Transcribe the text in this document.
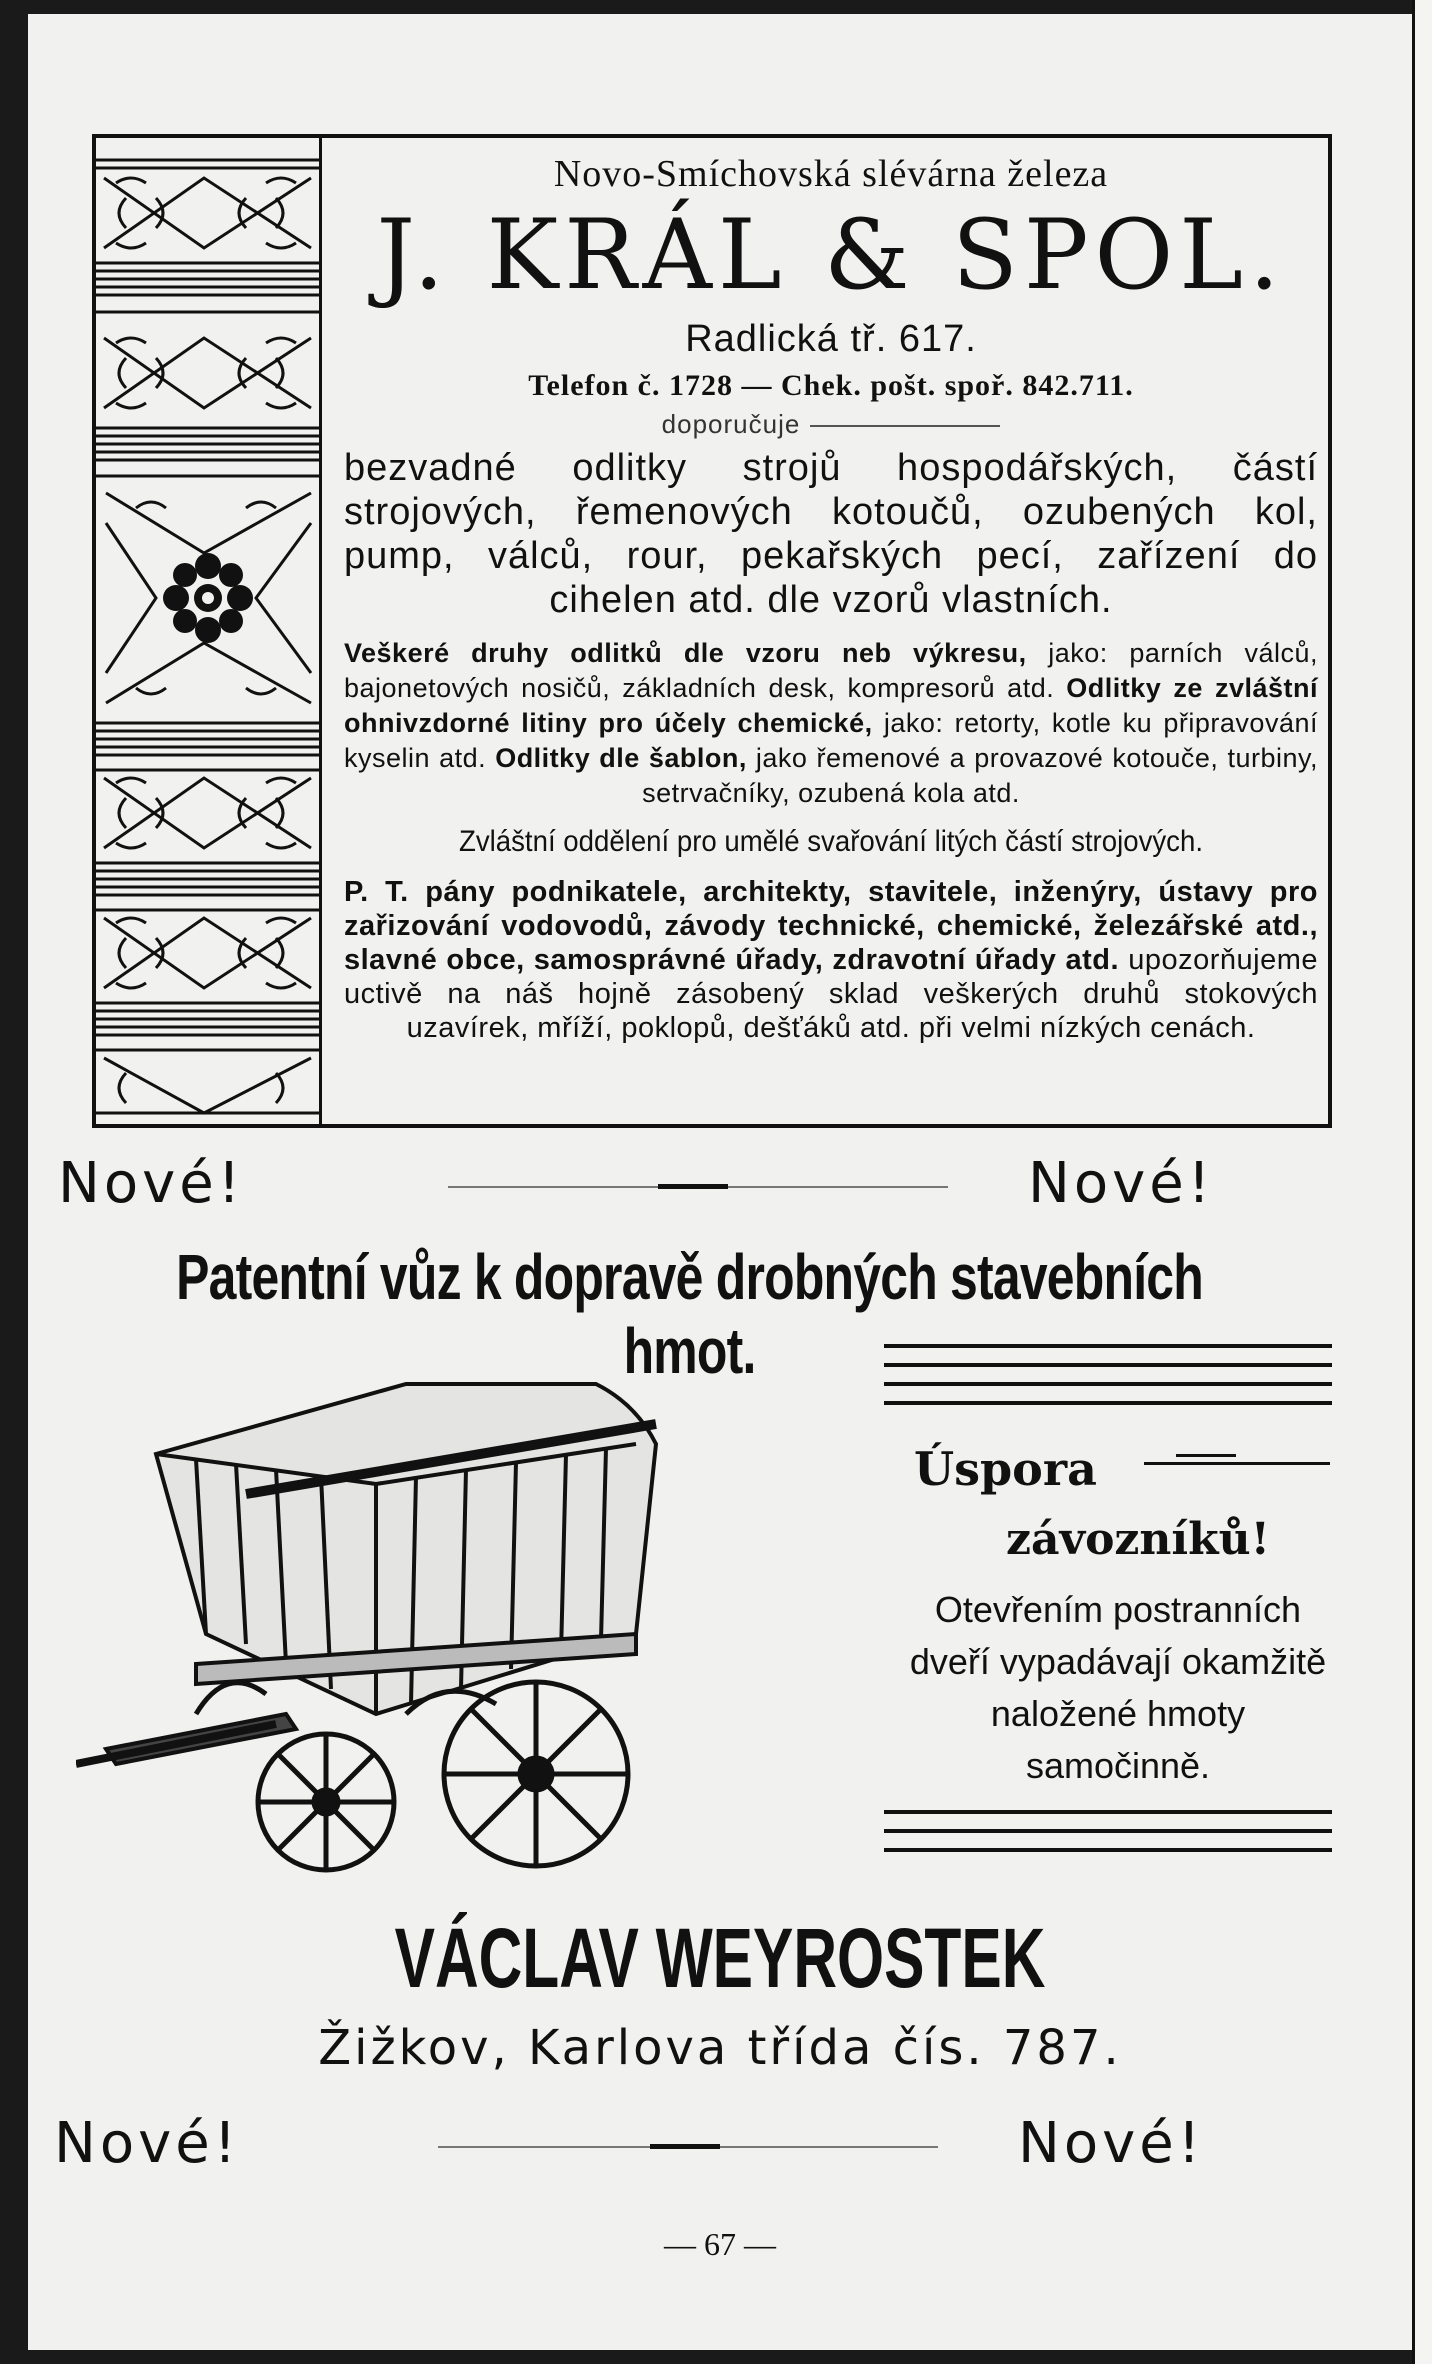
Novo-Smíchovská slévárna železa
J. KRÁL & SPOL.
Radlická tř. 617.
Telefon č. 1728 — Chek. pošt. spoř. 842.711.
doporučuje
bezvadné odlitky strojů hospodářských, částí strojových, řemenových kotoučů, ozubených kol, pump, válců, rour, pekařských pecí, zařízení do cihelen atd. dle vzorů vlastních.
Veškeré druhy odlitků dle vzoru neb výkresu, jako: parních válců, bajonetových nosičů, základních desk, kompresorů atd. Odlitky ze zvláštní ohnivzdorné litiny pro účely chemické, jako: retorty, kotle ku připravování kyselin atd. Odlitky dle šablon, jako řemenové a provazové kotouče, turbiny, setrvačníky, ozubená kola atd.
Zvláštní oddělení pro umělé svařování litých částí strojových.
P. T. pány podnikatele, architekty, stavitele, inženýry, ústavy pro zařizování vodovodů, závody technické, chemické, železářské atd., slavné obce, samosprávné úřady, zdravotní úřady atd. upozorňujeme uctivě na náš hojně zásobený sklad veškerých druhů stokových uzavírek, mříží, poklopů, dešťáků atd. při velmi nízkých cenách.
Nové!	Nové!
Patentní vůz k dopravě drobných stavebních hmot.
Úspora
závozníků!
Otevřením postranních dveří vypadávají okamžitě naložené hmoty samočinně.
VÁCLAV WEYROSTEK
Žižkov, Karlova třída čís. 787.
Nové!	Nové!
— 67 —
